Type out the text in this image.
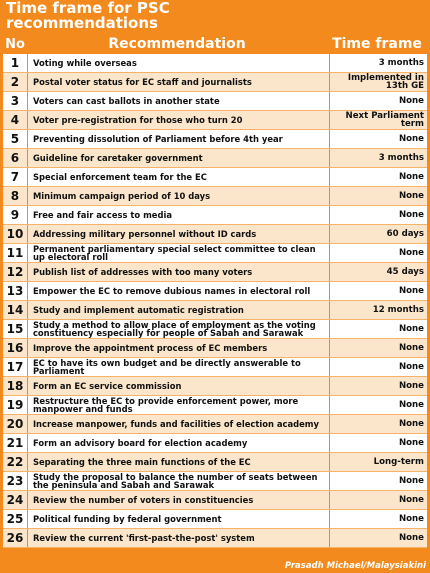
Time frame for PSC
recommendations
No	Recommendation	Time frame
1	Voting while overseas	3 months
2	Postal voter status for EC staff and journalists	Implemented in 13th GE
3	Voters can cast ballots in another state	None
4	Voter pre-registration for those who turn 20	Next Parliament term
5	Preventing dissolution of Parliament before 4th year	None
6	Guideline for caretaker government	3 months
7	Special enforcement team for the EC	None
8	Minimum campaign period of 10 days	None
9	Free and fair access to media	None
10	Addressing military personnel without ID cards	60 days
11	Permanent parliamentary special select committee to clean up electoral roll	None
12	Publish list of addresses with too many voters	45 days
13	Empower the EC to remove dubious names in electoral roll	None
14	Study and implement automatic registration	12 months
15	Study a method to allow place of employment as the voting constituency especially for people of Sabah and Sarawak	None
16	Improve the appointment process of EC members	None
17	EC to have its own budget and be directly answerable to Parliament	None
18	Form an EC service commission	None
19	Restructure the EC to provide enforcement power, more manpower and funds	None
20	Increase manpower, funds and facilities of election academy	None
21	Form an advisory board for election academy	None
22	Separating the three main functions of the EC	Long-term
23	Study the proposal to balance the number of seats between the peninsula and Sabah and Sarawak	None
24	Review the number of voters in constituencies	None
25	Political funding by federal government	None
26	Review the current 'first-past-the-post' system	None
Prasadh Michael/Malaysiakini
